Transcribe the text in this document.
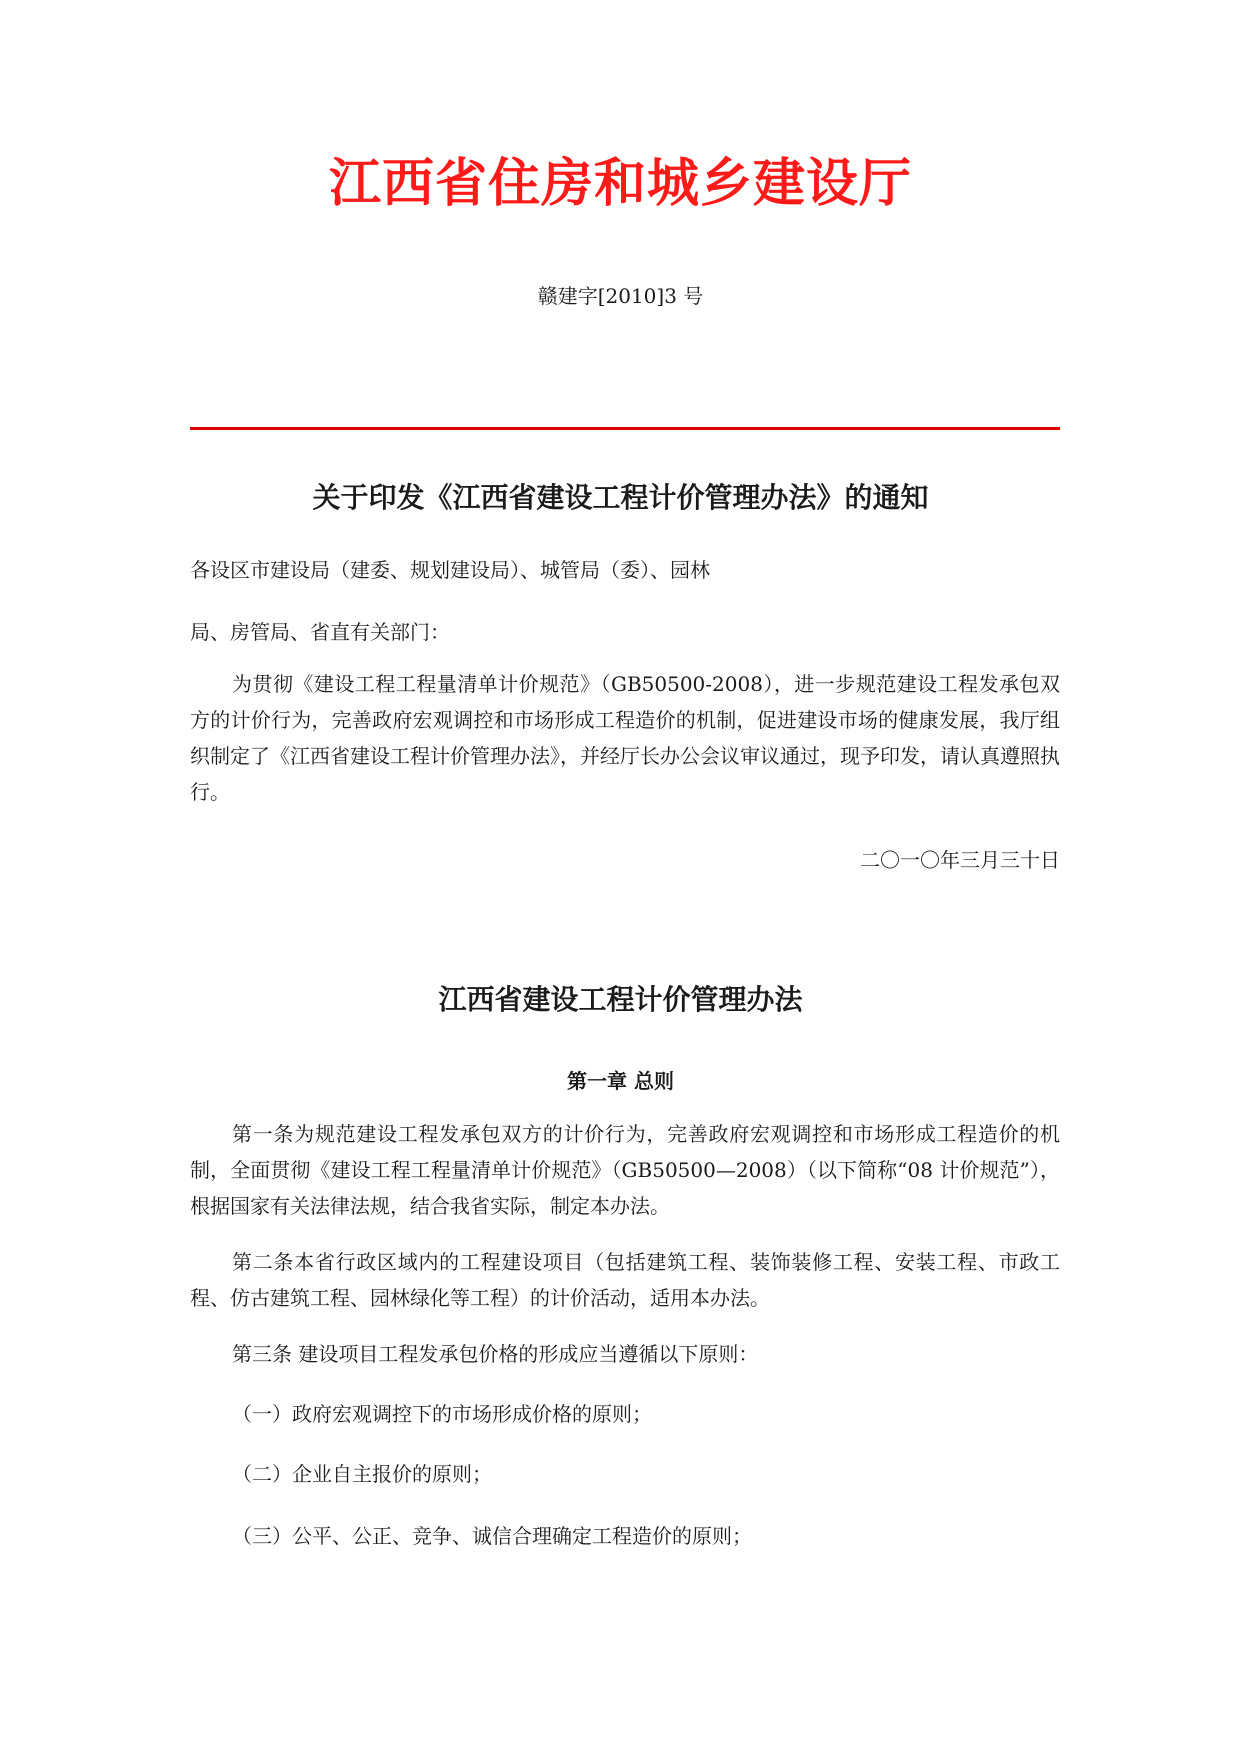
江西省住房和城乡建设厅

赣建字[2010]3 号

关于印发《江西省建设工程计价管理办法》的通知

各设区市建设局（建委、规划建设局）、城管局（委）、园林

局、房管局、省直有关部门：

为贯彻《建设工程工程量清单计价规范》（GB50500-2008），进一步规范建设工程发承包双方的计价行为，完善政府宏观调控和市场形成工程造价的机制，促进建设市场的健康发展，我厅组织制定了《江西省建设工程计价管理办法》，并经厅长办公会议审议通过，现予印发，请认真遵照执行。

二〇一〇年三月三十日

江西省建设工程计价管理办法
第一章 总则

第一条为规范建设工程发承包双方的计价行为，完善政府宏观调控和市场形成工程造价的机制，全面贯彻《建设工程工程量清单计价规范》（GB50500—2008）（以下简称“08 计价规范”），根据国家有关法律法规，结合我省实际，制定本办法。

第二条本省行政区域内的工程建设项目（包括建筑工程、装饰装修工程、安装工程、市政工程、仿古建筑工程、园林绿化等工程）的计价活动，适用本办法。

第三条 建设项目工程发承包价格的形成应当遵循以下原则：

（一）政府宏观调控下的市场形成价格的原则；

（二）企业自主报价的原则；

（三）公平、公正、竞争、诚信合理确定工程造价的原则；
